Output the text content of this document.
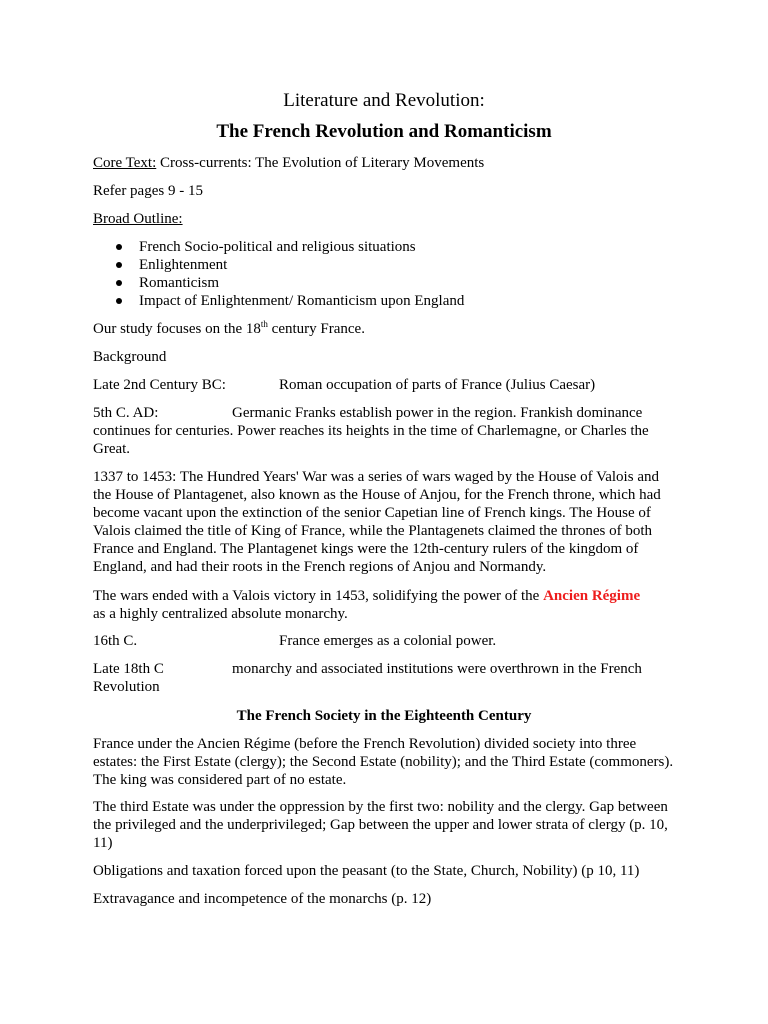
Literature and Revolution:
The French Revolution and Romanticism

Core Text: Cross-currents: The Evolution of Literary Movements

Refer pages 9 - 15

Broad Outline:

French Socio-political and religious situations
Enlightenment
Romanticism
Impact of Enlightenment/ Romanticism upon England

Our study focuses on the 18th century France.

Background

Late 2nd Century BC:	Roman occupation of parts of France (Julius Caesar)

5th C. AD:	Germanic Franks establish power in the region. Frankish dominance
continues for centuries. Power reaches its heights in the time of Charlemagne, or Charles the Great.

1337 to 1453: The Hundred Years' War was a series of wars waged by the House of Valois and the House of Plantagenet, also known as the House of Anjou, for the French throne, which had become vacant upon the extinction of the senior Capetian line of French kings. The House of Valois claimed the title of King of France, while the Plantagenets claimed the thrones of both France and England. The Plantagenet kings were the 12th-century rulers of the kingdom of England, and had their roots in the French regions of Anjou and Normandy.

The wars ended with a Valois victory in 1453, solidifying the power of the Ancien Régime
as a highly centralized absolute monarchy.

16th C.	France emerges as a colonial power.

Late 18th C	monarchy and associated institutions were overthrown in the French
Revolution

The French Society in the Eighteenth Century

France under the Ancien Régime (before the French Revolution) divided society into three estates: the First Estate (clergy); the Second Estate (nobility); and the Third Estate (commoners). The king was considered part of no estate.

The third Estate was under the oppression by the first two: nobility and the clergy. Gap between the privileged and the underprivileged; Gap between the upper and lower strata of clergy (p. 10, 11)

Obligations and taxation forced upon the peasant (to the State, Church, Nobility) (p 10, 11)

Extravagance and incompetence of the monarchs (p. 12)
